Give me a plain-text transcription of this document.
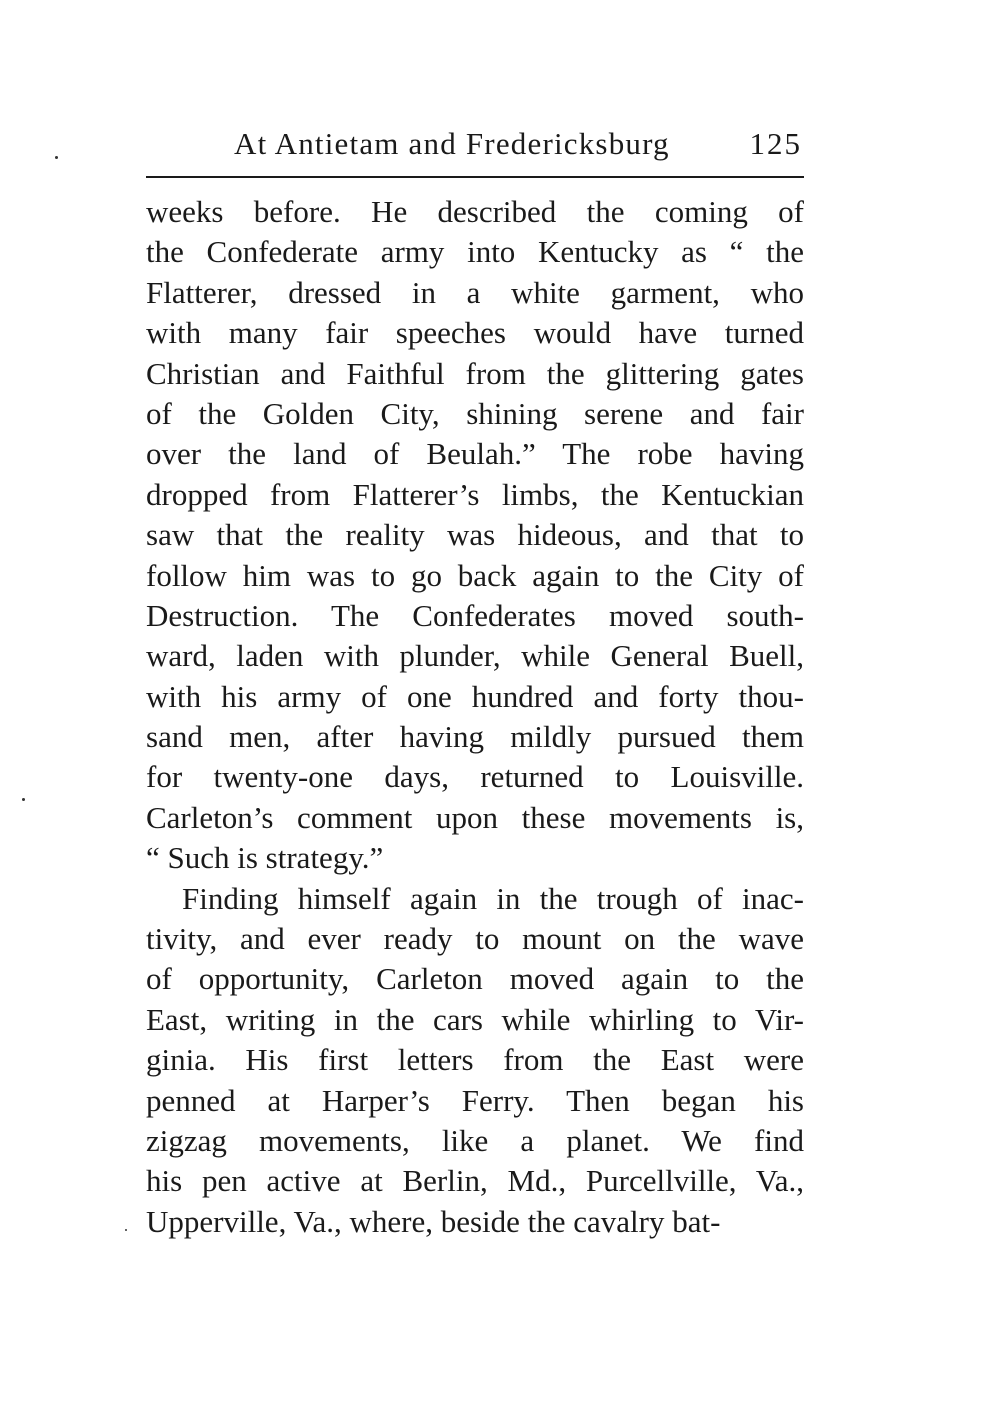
At Antietam and Fredericksburg	125
weeks before. He described the coming of
the Confederate army into Kentucky as “ the
Flatterer, dressed in a white garment, who
with many fair speeches would have turned
Christian and Faithful from the glittering gates
of the Golden City, shining serene and fair
over the land of Beulah.” The robe having
dropped from Flatterer’s limbs, the Kentuckian
saw that the reality was hideous, and that to
follow him was to go back again to the City of
Destruction. The Confederates moved south-
ward, laden with plunder, while General Buell,
with his army of one hundred and forty thou-
sand men, after having mildly pursued them
for twenty-one days, returned to Louisville.
Carleton’s comment upon these movements is,
“ Such is strategy.”
Finding himself again in the trough of inac-
tivity, and ever ready to mount on the wave
of opportunity, Carleton moved again to the
East, writing in the cars while whirling to Vir-
ginia. His first letters from the East were
penned at Harper’s Ferry. Then began his
zigzag movements, like a planet. We find
his pen active at Berlin, Md., Purcellville, Va.,
Upperville, Va., where, beside the cavalry bat-
